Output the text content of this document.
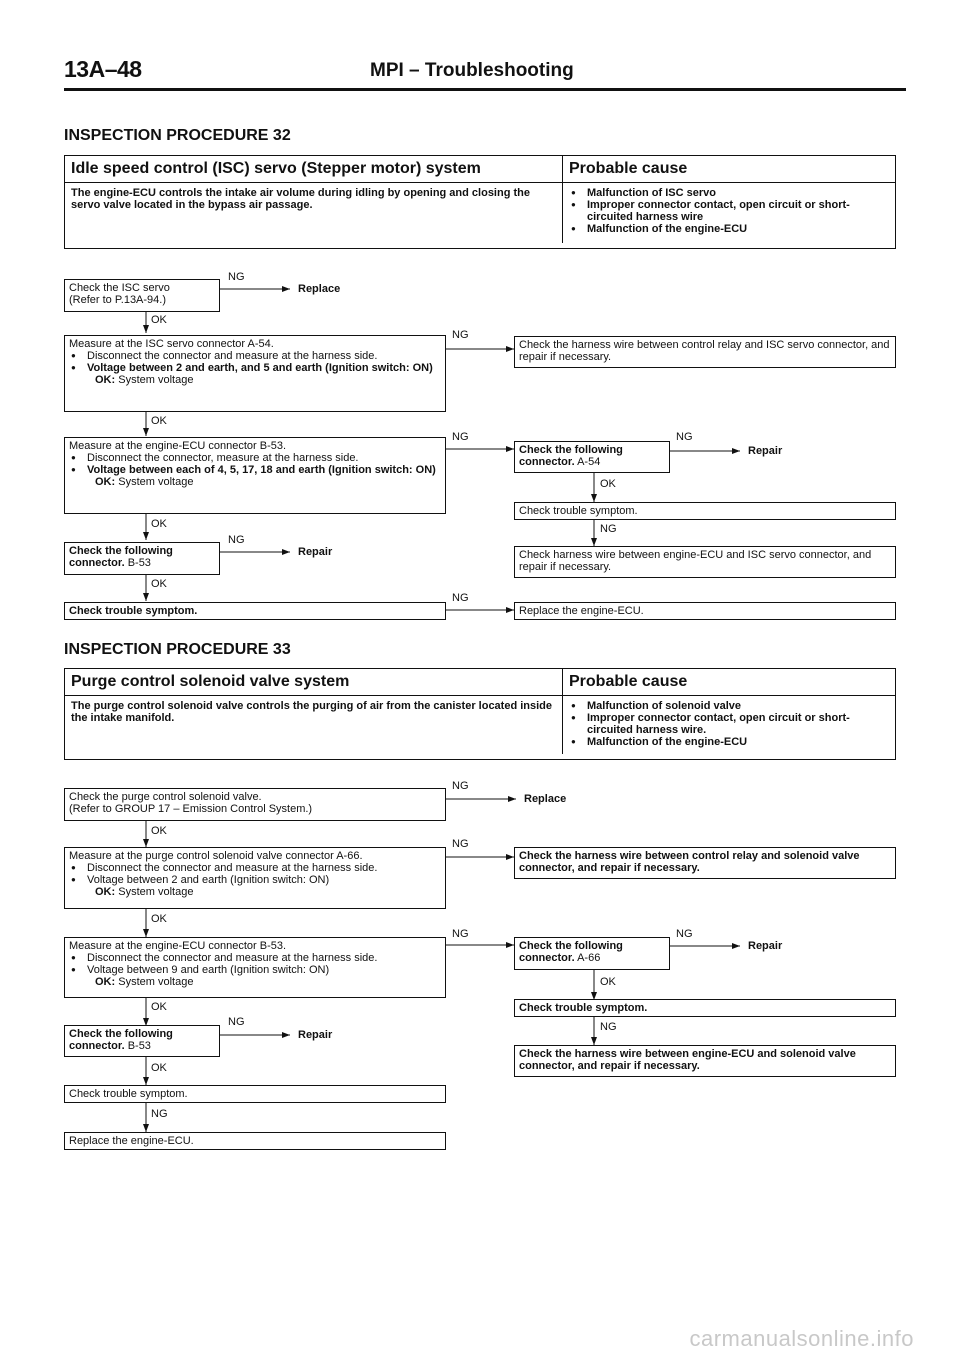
13A–48	MPI – Troubleshooting
INSPECTION PROCEDURE 32
Idle speed control (ISC) servo (Stepper motor) system	Probable cause
The engine-ECU controls the intake air volume during idling by opening and closing the servo valve located in the bypass air passage.
● Malfunction of ISC servo
● Improper connector contact, open circuit or short-circuited harness wire
● Malfunction of the engine-ECU
Check the ISC servo
(Refer to P.13A-94.)
NG
Replace
OK
Measure at the ISC servo connector A-54.
● Disconnect the connector and measure at the harness side.
● Voltage between 2 and earth, and 5 and earth (Ignition switch: ON)
OK: System voltage
NG
Check the harness wire between control relay and ISC servo connector, and repair if necessary.
OK
Measure at the engine-ECU connector B-53.
● Disconnect the connector, measure at the harness side.
● Voltage between each of 4, 5, 17, 18 and earth (Ignition switch: ON)
OK: System voltage
NG
Check the following connector. A-54
NG
Repair
OK
Check trouble symptom.
NG
Check harness wire between engine-ECU and ISC servo connector, and repair if necessary.
OK
Check the following connector. B-53
NG
Repair
OK
Check trouble symptom.
NG
Replace the engine-ECU.
INSPECTION PROCEDURE 33
Purge control solenoid valve system	Probable cause
The purge control solenoid valve controls the purging of air from the canister located inside the intake manifold.
● Malfunction of solenoid valve
● Improper connector contact, open circuit or short-circuited harness wire.
● Malfunction of the engine-ECU
Check the purge control solenoid valve.
(Refer to GROUP 17 – Emission Control System.)
NG
Replace
OK
Measure at the purge control solenoid valve connector A-66.
● Disconnect the connector and measure at the harness side.
● Voltage between 2 and earth (Ignition switch: ON)
OK: System voltage
NG
Check the harness wire between control relay and solenoid valve connector, and repair if necessary.
OK
Measure at the engine-ECU connector B-53.
● Disconnect the connector and measure at the harness side.
● Voltage between 9 and earth (Ignition switch: ON)
OK: System voltage
NG
Check the following connector. A-66
NG
Repair
OK
Check trouble symptom.
NG
Check the harness wire between engine-ECU and solenoid valve connector, and repair if necessary.
OK
Check the following connector. B-53
NG
Repair
OK
Check trouble symptom.
NG
Replace the engine-ECU.
carmanualsonline.info
